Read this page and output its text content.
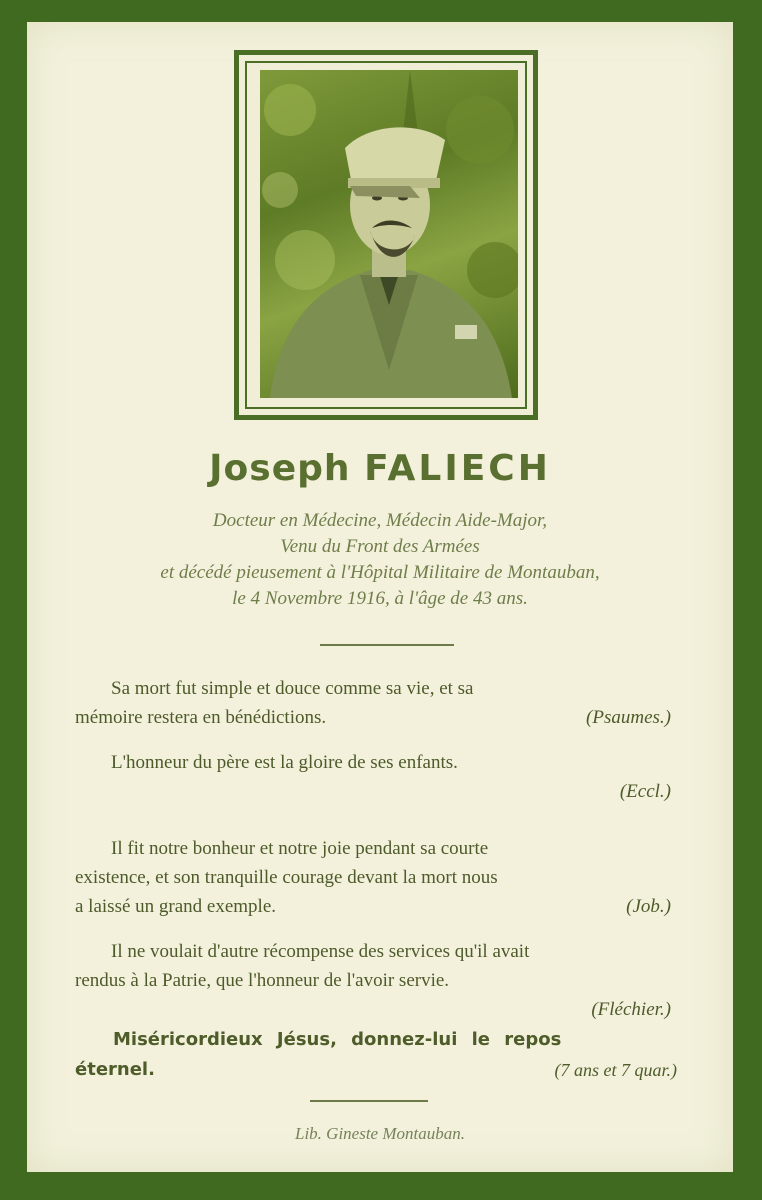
Joseph FALIECH
Docteur en Médecine, Médecin Aide-Major,
Venu du Front des Armées
et décédé pieusement à l'Hôpital Militaire de Montauban,
le 4 Novembre 1916, à l'âge de 43 ans.
Sa mort fut simple et douce comme sa vie, et sa
mémoire restera en bénédictions.	(Psaumes.)
L'honneur du père est la gloire de ses enfants.
(Eccl.)
Il fit notre bonheur et notre joie pendant sa courte
existence, et son tranquille courage devant la mort nous
a laissé un grand exemple.	(Job.)
Il ne voulait d'autre récompense des services qu'il avait
rendus à la Patrie, que l'honneur de l'avoir servie.
(Fléchier.)
Miséricordieux Jésus, donnez-lui le repos
éternel.	(7 ans et 7 quar.)
Lib. Gineste Montauban.
